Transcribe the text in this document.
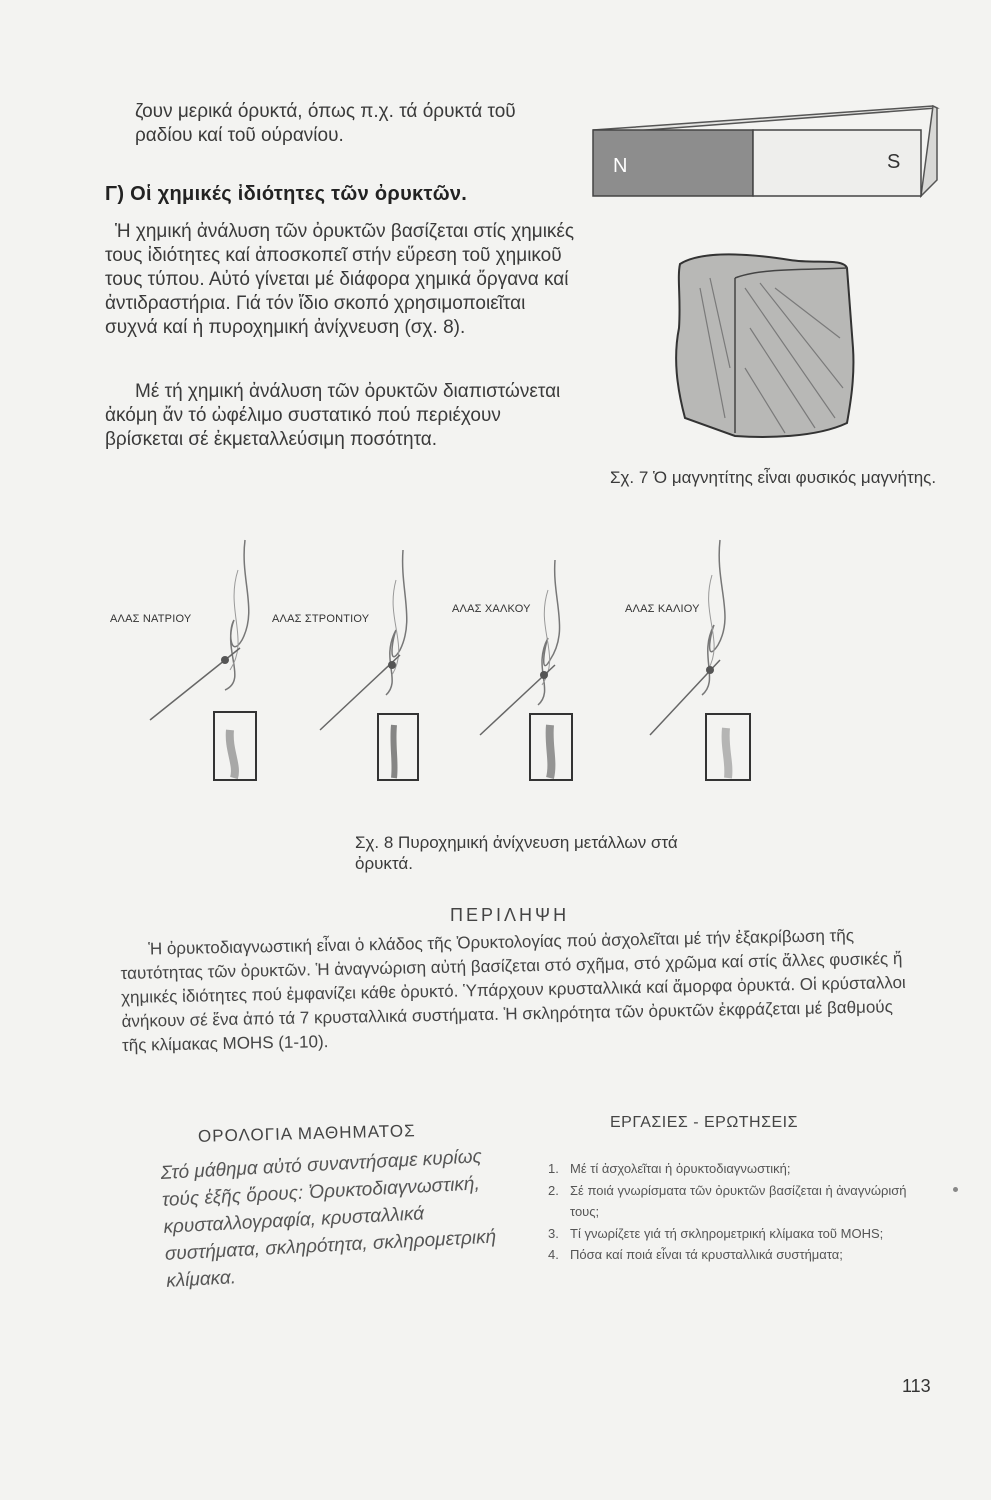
ζουν μερικά όρυκτά, όπως π.χ. τά όρυκτά τοῦ ραδίου καί τοῦ ούρανίου.
Γ) Οἱ χημικές ἰδιότητες τῶν ὀρυκτῶν.
Ἡ χημική ἀνάλυση τῶν ὀρυκτῶν βασίζεται στίς χημικές τους ἰδιότητες καί ἀποσκοπεῖ στήν εὕρεση τοῦ χημικοῦ τους τύπου. Αὐτό γίνεται μέ διάφορα χημικά ὄργανα καί ἀντιδραστήρια. Γιά τόν ἴδιο σκοπό χρησιμοποιεῖται συχνά καί ἡ πυροχημική ἀνίχνευση (σχ. 8).
Μέ τή χημική ἀνάλυση τῶν ὀρυκτῶν διαπιστώνεται ἀκόμη ἄν τό ὠφέλιμο συστατικό πού περιέχουν βρίσκεται σέ ἐκμεταλλεύσιμη ποσότητα.
N	S
Σχ. 7 Ὁ μαγνητίτης εἶναι φυσικός μαγνήτης.
ΑΛΑΣ ΝΑΤΡΙΟΥ	ΑΛΑΣ ΣΤΡΟΝΤΙΟΥ
ΑΛΑΣ ΧΑΛΚΟΥ	ΑΛΑΣ ΚΑΛΙΟΥ
Σχ. 8 Πυροχημική ἀνίχνευση μετάλλων στά ὀρυκτά.
ΠΕΡΙΛΗΨΗ
Ἡ ὀρυκτοδιαγνωστική εἶναι ὁ κλάδος τῆς Ὀρυκτολογίας πού ἀσχολεῖται μέ τήν ἐξακρίβωση τῆς ταυτότητας τῶν ὀρυκτῶν. Ἡ ἀναγνώριση αὐτή βασίζεται στό σχῆμα, στό χρῶμα καί στίς ἄλλες φυσικές ἤ χημικές ἰδιότητες πού ἐμφανίζει κάθε ὀρυκτό. Ὑπάρχουν κρυσταλλικά καί ἄμορφα ὀρυκτά. Οἱ κρύσταλλοι ἀνήκουν σέ ἕνα ἀπό τά 7 κρυσταλλικά συστήματα. Ἡ σκληρότητα τῶν ὀρυκτῶν ἐκφράζεται μέ βαθμούς τῆς κλίμακας MOHS (1-10).
ΟΡΟΛΟΓΙΑ ΜΑΘΗΜΑΤΟΣ
Στό μάθημα αὐτό συναντήσαμε κυρίως τούς ἑξῆς ὅρους: Ὀρυκτοδιαγνωστική, κρυσταλλογραφία, κρυσταλλικά συστήματα, σκληρότητα, σκληρομετρική κλίμακα.
ΕΡΓΑΣΙΕΣ - ΕΡΩΤΗΣΕΙΣ
1. Μέ τί ἀσχολεῖται ἡ ὀρυκτοδιαγνωστική;
2. Σέ ποιά γνωρίσματα τῶν ὀρυκτῶν βασίζεται ἡ ἀναγνώρισή τους;
3. Τί γνωρίζετε γιά τή σκληρομετρική κλίμακα τοῦ MOHS;
4. Πόσα καί ποιά εἶναι τά κρυσταλλικά συστήματα;
113
